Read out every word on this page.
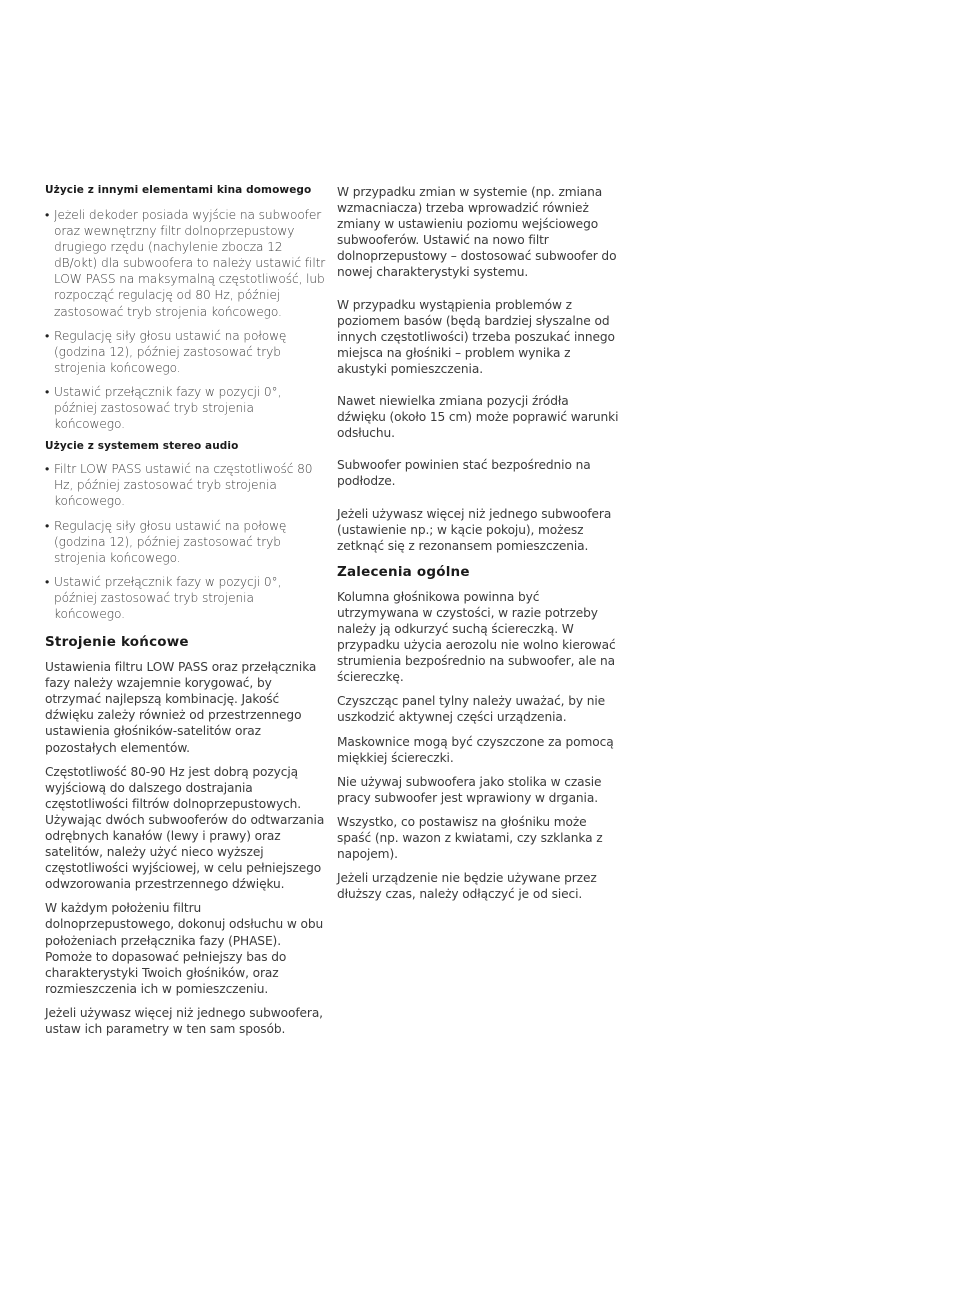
Użycie z innymi elementami kina domowego
• Jeżeli dekoder posiada wyjście na subwoofer oraz wewnętrzny filtr dolnoprzepustowy drugiego rzędu (nachylenie zbocza 12 dB/okt) dla subwoofera to należy ustawić filtr LOW PASS na maksymalną częstotliwość, lub rozpocząć regulację od 80 Hz, później zastosować tryb strojenia końcowego.
• Regulację siły głosu ustawić na połowę (godzina 12), później zastosować tryb strojenia końcowego.
• Ustawić przełącznik fazy w pozycji 0°, później zastosować tryb strojenia końcowego.
Użycie z systemem stereo audio
• Filtr LOW PASS ustawić na częstotliwość 80 Hz, później zastosować tryb strojenia końcowego.
• Regulację siły głosu ustawić na połowę (godzina 12), później zastosować tryb strojenia końcowego.
• Ustawić przełącznik fazy w pozycji 0°, później zastosować tryb strojenia końcowego.
Strojenie końcowe
Ustawienia filtru LOW PASS oraz przełącznika fazy należy wzajemnie korygować, by otrzymać najlepszą kombinację. Jakość dźwięku zależy również od przestrzennego ustawienia głośników-satelitów oraz pozostałych elementów.
Częstotliwość 80-90 Hz jest dobrą pozycją wyjściową do dalszego dostrajania częstotliwości filtrów dolnoprzepustowych. Używając dwóch subwooferów do odtwarzania odrębnych kanałów (lewy i prawy) oraz satelitów, należy użyć nieco wyższej częstotliwości wyjściowej, w celu pełniejszego odwzorowania przestrzennego dźwięku.
W każdym położeniu filtru dolnoprzepustowego, dokonuj odsłuchu w obu położeniach przełącznika fazy (PHASE). Pomoże to dopasować pełniejszy bas do charakterystyki Twoich głośników, oraz rozmieszczenia ich w pomieszczeniu.
Jeżeli używasz więcej niż jednego subwoofera, ustaw ich parametry w ten sam sposób.
W przypadku zmian w systemie (np. zmiana wzmacniacza) trzeba wprowadzić również zmiany w ustawieniu poziomu wejściowego subwooferów. Ustawić na nowo filtr dolnoprzepustowy – dostosować subwoofer do nowej charakterystyki systemu.
W przypadku wystąpienia problemów z poziomem basów (będą bardziej słyszalne od innych częstotliwości) trzeba poszukać innego miejsca na głośniki – problem wynika z akustyki pomieszczenia.
Nawet niewielka zmiana pozycji źródła dźwięku (około 15 cm) może poprawić warunki odsłuchu.
Subwoofer powinien stać bezpośrednio na podłodze.
Jeżeli używasz więcej niż jednego subwoofera (ustawienie np.; w kącie pokoju), możesz zetknąć się z rezonansem pomieszczenia.
Zalecenia ogólne
Kolumna głośnikowa powinna być utrzymywana w czystości, w razie potrzeby należy ją odkurzyć suchą ściereczką. W przypadku użycia aerozolu nie wolno kierować strumienia bezpośrednio na subwoofer, ale na ściereczkę.
Czyszcząc panel tylny należy uważać, by nie uszkodzić aktywnej części urządzenia.
Maskownice mogą być czyszczone za pomocą miękkiej ściereczki.
Nie używaj subwoofera jako stolika w czasie pracy subwoofer jest wprawiony w drgania.
Wszystko, co postawisz na głośniku może spaść (np. wazon z kwiatami, czy szklanka z napojem).
Jeżeli urządzenie nie będzie używane przez dłuższy czas, należy odłączyć je od sieci.
